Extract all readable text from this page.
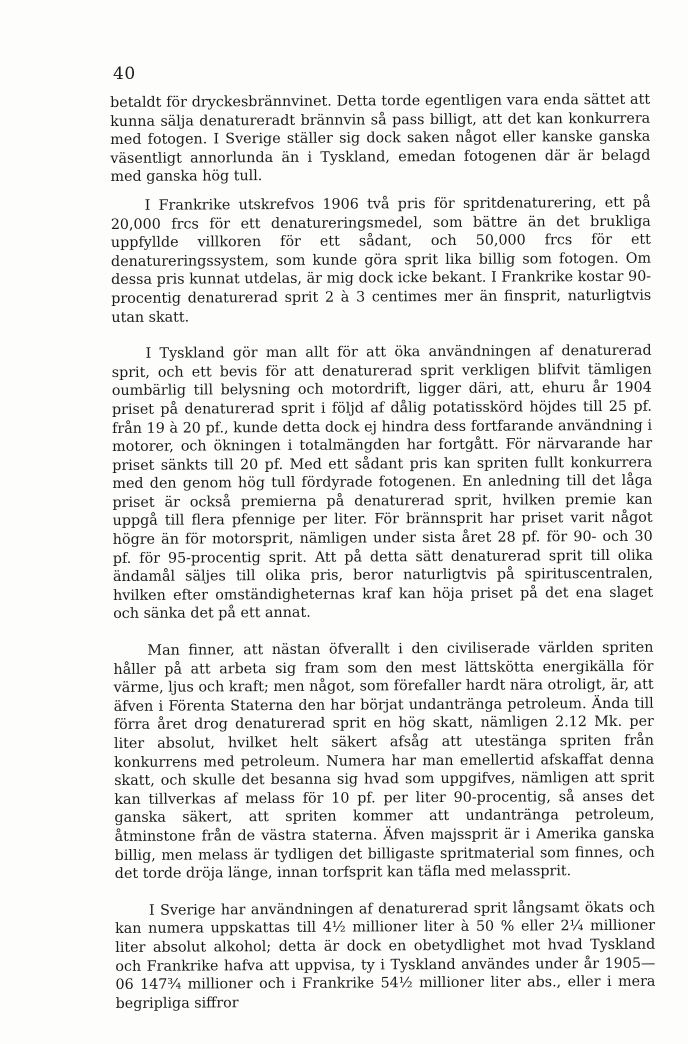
40

betaldt för dryckesbrännvinet. Detta torde egentligen vara enda sättet att kunna sälja denatureradt brännvin så pass billigt, att det kan konkurrera med fotogen. I Sverige ställer sig dock saken något eller kanske ganska väsentligt annorlunda än i Tyskland, emedan fotogenen där är belagd med ganska hög tull.

I Frankrike utskrefvos 1906 två pris för spritdenaturering, ett på 20,000 frcs för ett denatureringsmedel, som bättre än det brukliga uppfyllde villkoren för ett sådant, och 50,000 frcs för ett denatureringssystem, som kunde göra sprit lika billig som fotogen. Om dessa pris kunnat utdelas, är mig dock icke bekant. I Frankrike kostar 90-procentig denaturerad sprit 2 à 3 centimes mer än finsprit, naturligtvis utan skatt.

I Tyskland gör man allt för att öka användningen af denaturerad sprit, och ett bevis för att denaturerad sprit verkligen blifvit tämligen oumbärlig till belysning och motordrift, ligger däri, att, ehuru år 1904 priset på denaturerad sprit i följd af dålig potatisskörd höjdes till 25 pf. från 19 à 20 pf., kunde detta dock ej hindra dess fortfarande användning i motorer, och ökningen i totalmängden har fortgått. För närvarande har priset sänkts till 20 pf. Med ett sådant pris kan spriten fullt konkurrera med den genom hög tull fördyrade fotogenen. En anledning till det låga priset är också premierna på denaturerad sprit, hvilken premie kan uppgå till flera pfennige per liter. För brännsprit har priset varit något högre än för motorsprit, nämligen under sista året 28 pf. för 90- och 30 pf. för 95-procentig sprit. Att på detta sätt denaturerad sprit till olika ändamål säljes till olika pris, beror naturligtvis på spirituscentralen, hvilken efter omständigheternas kraf kan höja priset på det ena slaget och sänka det på ett annat.

Man finner, att nästan öfverallt i den civiliserade världen spriten håller på att arbeta sig fram som den mest lättskötta energikälla för värme, ljus och kraft; men något, som förefaller hardt nära otroligt, är, att äfven i Förenta Staterna den har börjat undantränga petroleum. Ända till förra året drog denaturerad sprit en hög skatt, nämligen 2.12 Mk. per liter absolut, hvilket helt säkert afsåg att utestänga spriten från konkurrens med petroleum. Numera har man emellertid afskaffat denna skatt, och skulle det besanna sig hvad som uppgifves, nämligen att sprit kan tillverkas af melass för 10 pf. per liter 90-procentig, så anses det ganska säkert, att spriten kommer att undantränga petroleum, åtminstone från de västra staterna. Äfven majssprit är i Amerika ganska billig, men melass är tydligen det billigaste spritmaterial som finnes, och det torde dröja länge, innan torfsprit kan täfla med melassprit.

I Sverige har användningen af denaturerad sprit långsamt ökats och kan numera uppskattas till 4½ millioner liter à 50 % eller 2¼ millioner liter absolut alkohol; detta är dock en obetydlighet mot hvad Tyskland och Frankrike hafva att uppvisa, ty i Tyskland användes under år 1905—06 147¾ millioner och i Frankrike 54½ millioner liter abs., eller i mera begripliga siffror
